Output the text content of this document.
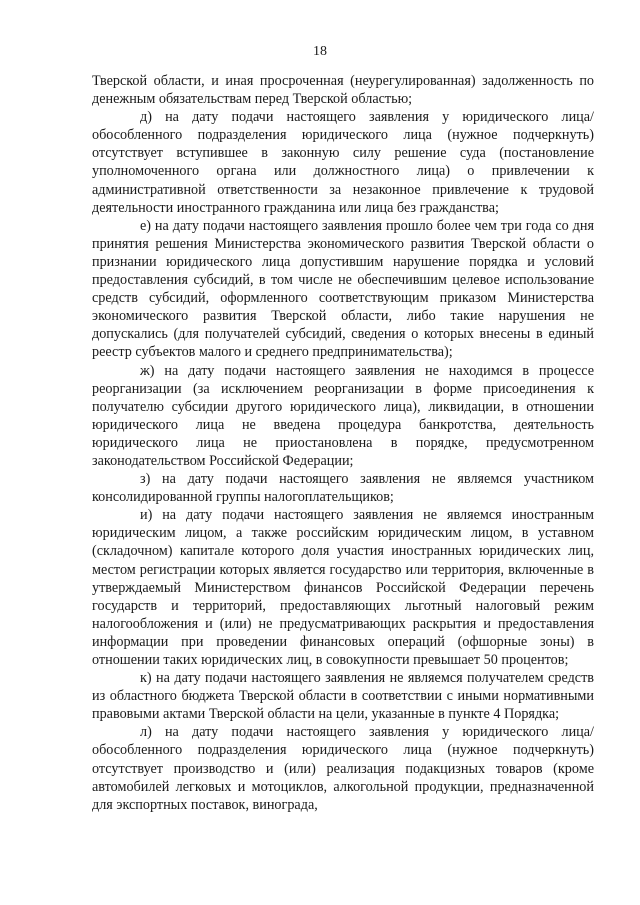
18

Тверской области, и иная просроченная (неурегулированная) задолженность по денежным обязательствам перед Тверской областью;

д) на дату подачи настоящего заявления у юридического лица/обособленного подразделения юридического лица (нужное подчеркнуть) отсутствует вступившее в законную силу решение суда (постановление уполномоченного органа или должностного лица) о привлечении к административной ответственности за незаконное привлечение к трудовой деятельности иностранного гражданина или лица без гражданства;

е) на дату подачи настоящего заявления прошло более чем три года со дня принятия решения Министерства экономического развития Тверской области о признании юридического лица допустившим нарушение порядка и условий предоставления субсидий, в том числе не обеспечившим целевое использование средств субсидий, оформленного соответствующим приказом Министерства экономического развития Тверской области, либо такие нарушения не допускались (для получателей субсидий, сведения о которых внесены в единый реестр субъектов малого и среднего предпринимательства);

ж) на дату подачи настоящего заявления не находимся в процессе реорганизации (за исключением реорганизации в форме присоединения к получателю субсидии другого юридического лица), ликвидации, в отношении юридического лица не введена процедура банкротства, деятельность юридического лица не приостановлена в порядке, предусмотренном законодательством Российской Федерации;

з) на дату подачи настоящего заявления не являемся участником консолидированной группы налогоплательщиков;

и) на дату подачи настоящего заявления не являемся иностранным юридическим лицом, а также российским юридическим лицом, в уставном (складочном) капитале которого доля участия иностранных юридических лиц, местом регистрации которых является государство или территория, включенные в утверждаемый Министерством финансов Российской Федерации перечень государств и территорий, предоставляющих льготный налоговый режим налогообложения и (или) не предусматривающих раскрытия и предоставления информации при проведении финансовых операций (офшорные зоны) в отношении таких юридических лиц, в совокупности превышает 50 процентов;

к) на дату подачи настоящего заявления не являемся получателем средств из областного бюджета Тверской области в соответствии с иными нормативными правовыми актами Тверской области на цели, указанные в пункте 4 Порядка;

л) на дату подачи настоящего заявления у юридического лица/обособленного подразделения юридического лица (нужное подчеркнуть) отсутствует производство и (или) реализация подакцизных товаров (кроме автомобилей легковых и мотоциклов, алкогольной продукции, предназначенной для экспортных поставок, винограда,
